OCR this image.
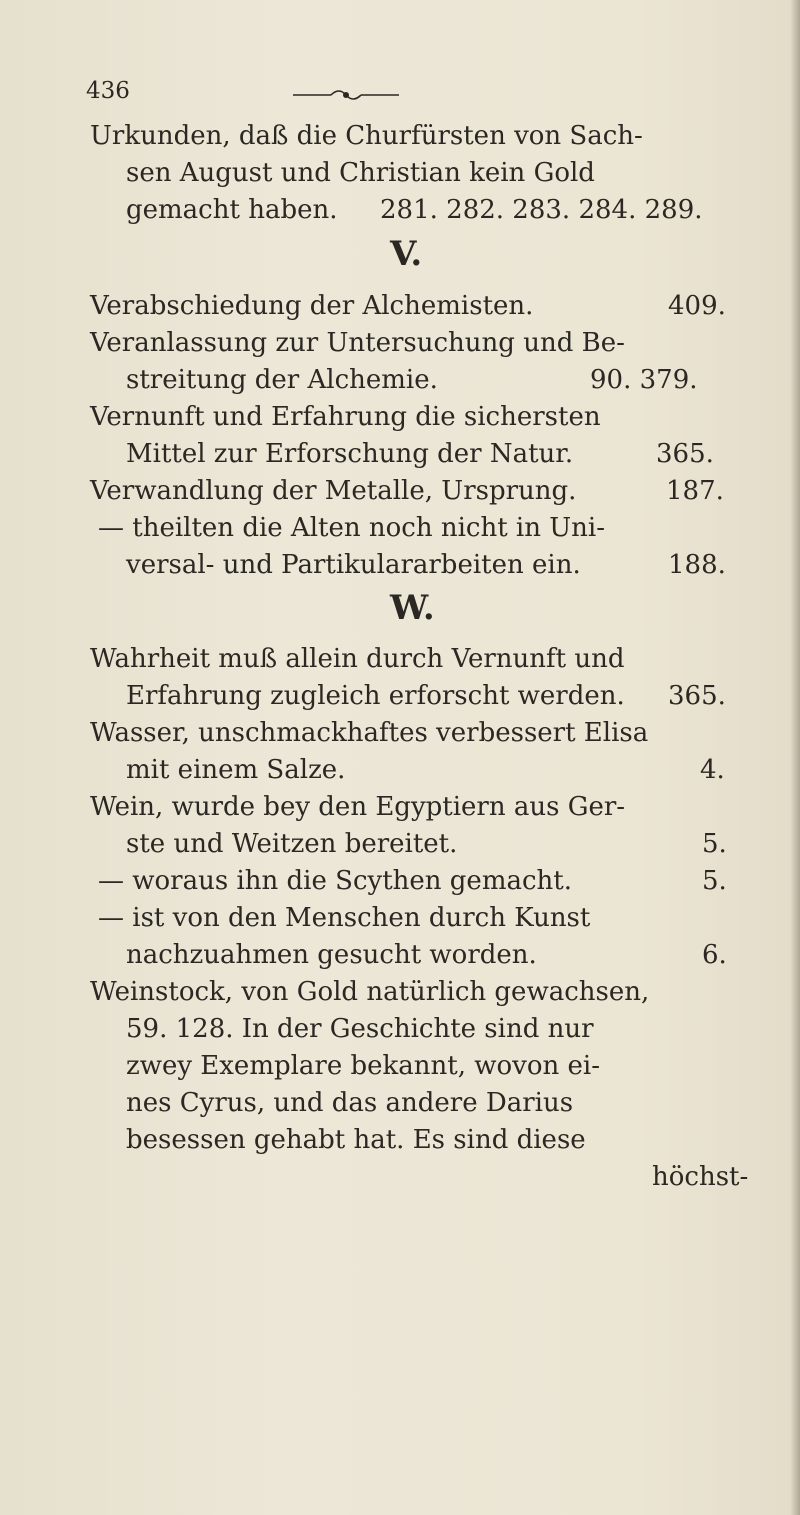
436
Urkunden, daß die Churfürsten von Sach-
sen August und Christian kein Gold
gemacht haben. 281. 282. 283. 284. 289.
V.
Verabschiedung der Alchemisten.	409.
Veranlassung zur Untersuchung und Be-
streitung der Alchemie.	90. 379.
Vernunft und Erfahrung die sichersten
Mittel zur Erforschung der Natur.	365.
Verwandlung der Metalle, Ursprung.	187.
— theilten die Alten noch nicht in Uni-
versal- und Partikulararbeiten ein.	188.
W.
Wahrheit muß allein durch Vernunft und
Erfahrung zugleich erforscht werden. 365.
Wasser, unschmackhaftes verbessert Elisa
mit einem Salze.	4.
Wein, wurde bey den Egyptiern aus Ger-
ste und Weitzen bereitet.	5.
— woraus ihn die Scythen gemacht.	5.
— ist von den Menschen durch Kunst
nachzuahmen gesucht worden.	6.
Weinstock, von Gold natürlich gewachsen,
59. 128. In der Geschichte sind nur
zwey Exemplare bekannt, wovon ei-
nes Cyrus, und das andere Darius
besessen gehabt hat. Es sind diese
höchst-
